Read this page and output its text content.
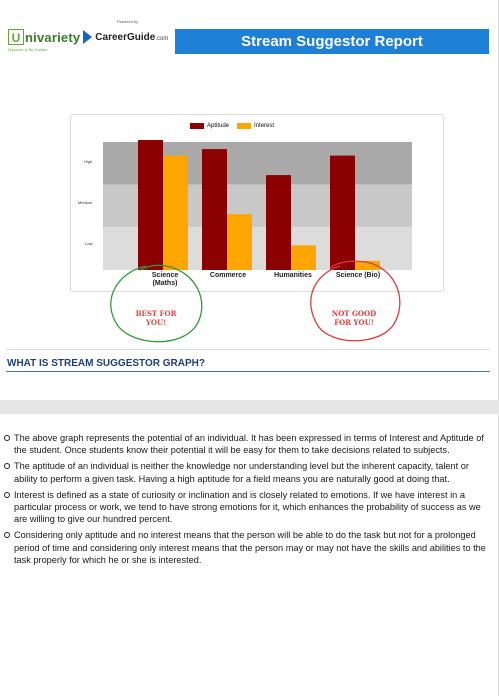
Powered by
U nivariety CareerGuide.com
Discover & Be Guided	Stream Suggestor Report
Aptitude	Interest
High
Medium
Low
Science (Maths)
Commerce	Humanities	Science (Bio)
BEST FOR
YOU!
NOT GOOD
FOR YOU!
WHAT IS STREAM SUGGESTOR GRAPH?
The above graph represents the potential of an individual. It has been expressed in terms of Interest and Aptitude of the student. Once students know their potential it will be easy for them to take decisions related to subjects.
The aptitude of an individual is neither the knowledge nor understanding level but the inherent capacity, talent or ability to perform a given task. Having a high aptitude for a field means you are naturally good at doing that.
Interest is defined as a state of curiosity or inclination and is closely related to emotions. If we have interest in a particular process or work, we tend to have strong emotions for it, which enhances the probability of success as we are willing to give our hundred percent.
Considering only aptitude and no interest means that the person will be able to do the task but not for a prolonged period of time and considering only interest means that the person may or may not have the skills and abilities to the task properly for which he or she is interested.
